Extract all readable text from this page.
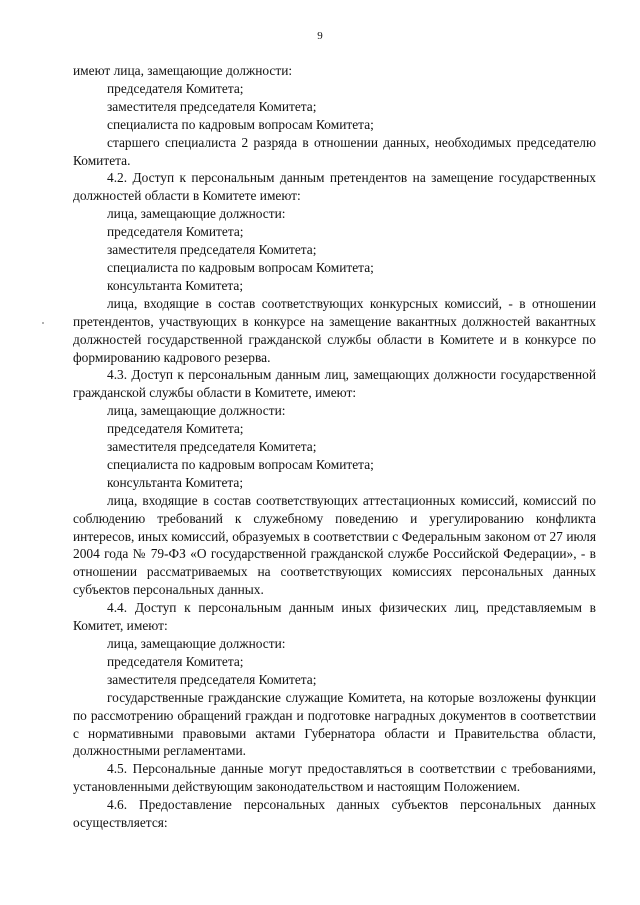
9

имеют лица, замещающие должности:

председателя Комитета;

заместителя председателя Комитета;

специалиста по кадровым вопросам Комитета;

старшего специалиста 2 разряда в отношении данных, необходимых председателю Комитета.

4.2. Доступ к персональным данным претендентов на замещение государственных должностей области в Комитете имеют:

лица, замещающие должности:

председателя Комитета;

заместителя председателя Комитета;

специалиста по кадровым вопросам Комитета;

консультанта Комитета;

лица, входящие в состав соответствующих конкурсных комиссий, - в отношении претендентов, участвующих в конкурсе на замещение вакантных должностей вакантных должностей государственной гражданской службы области в Комитете и в конкурсе по формированию кадрового резерва.

4.3. Доступ к персональным данным лиц, замещающих должности государственной гражданской службы области в Комитете, имеют:

лица, замещающие должности:

председателя Комитета;

заместителя председателя Комитета;

специалиста по кадровым вопросам Комитета;

консультанта Комитета;

лица, входящие в состав соответствующих аттестационных комиссий, комиссий по соблюдению требований к служебному поведению и урегулированию конфликта интересов, иных комиссий, образуемых в соответствии с Федеральным законом от 27 июля 2004 года № 79-ФЗ «О государственной гражданской службе Российской Федерации», - в отношении рассматриваемых на соответствующих комиссиях персональных данных субъектов персональных данных.

4.4. Доступ к персональным данным иных физических лиц, представляемым в Комитет, имеют:

лица, замещающие должности:

председателя Комитета;

заместителя председателя Комитета;

государственные гражданские служащие Комитета, на которые возложены функции по рассмотрению обращений граждан и подготовке наградных документов в соответствии с нормативными правовыми актами Губернатора области и Правительства области, должностными регламентами.

4.5. Персональные данные могут предоставляться в соответствии с требованиями, установленными действующим законодательством и настоящим Положением.

4.6. Предоставление персональных данных субъектов персональных данных осуществляется:
